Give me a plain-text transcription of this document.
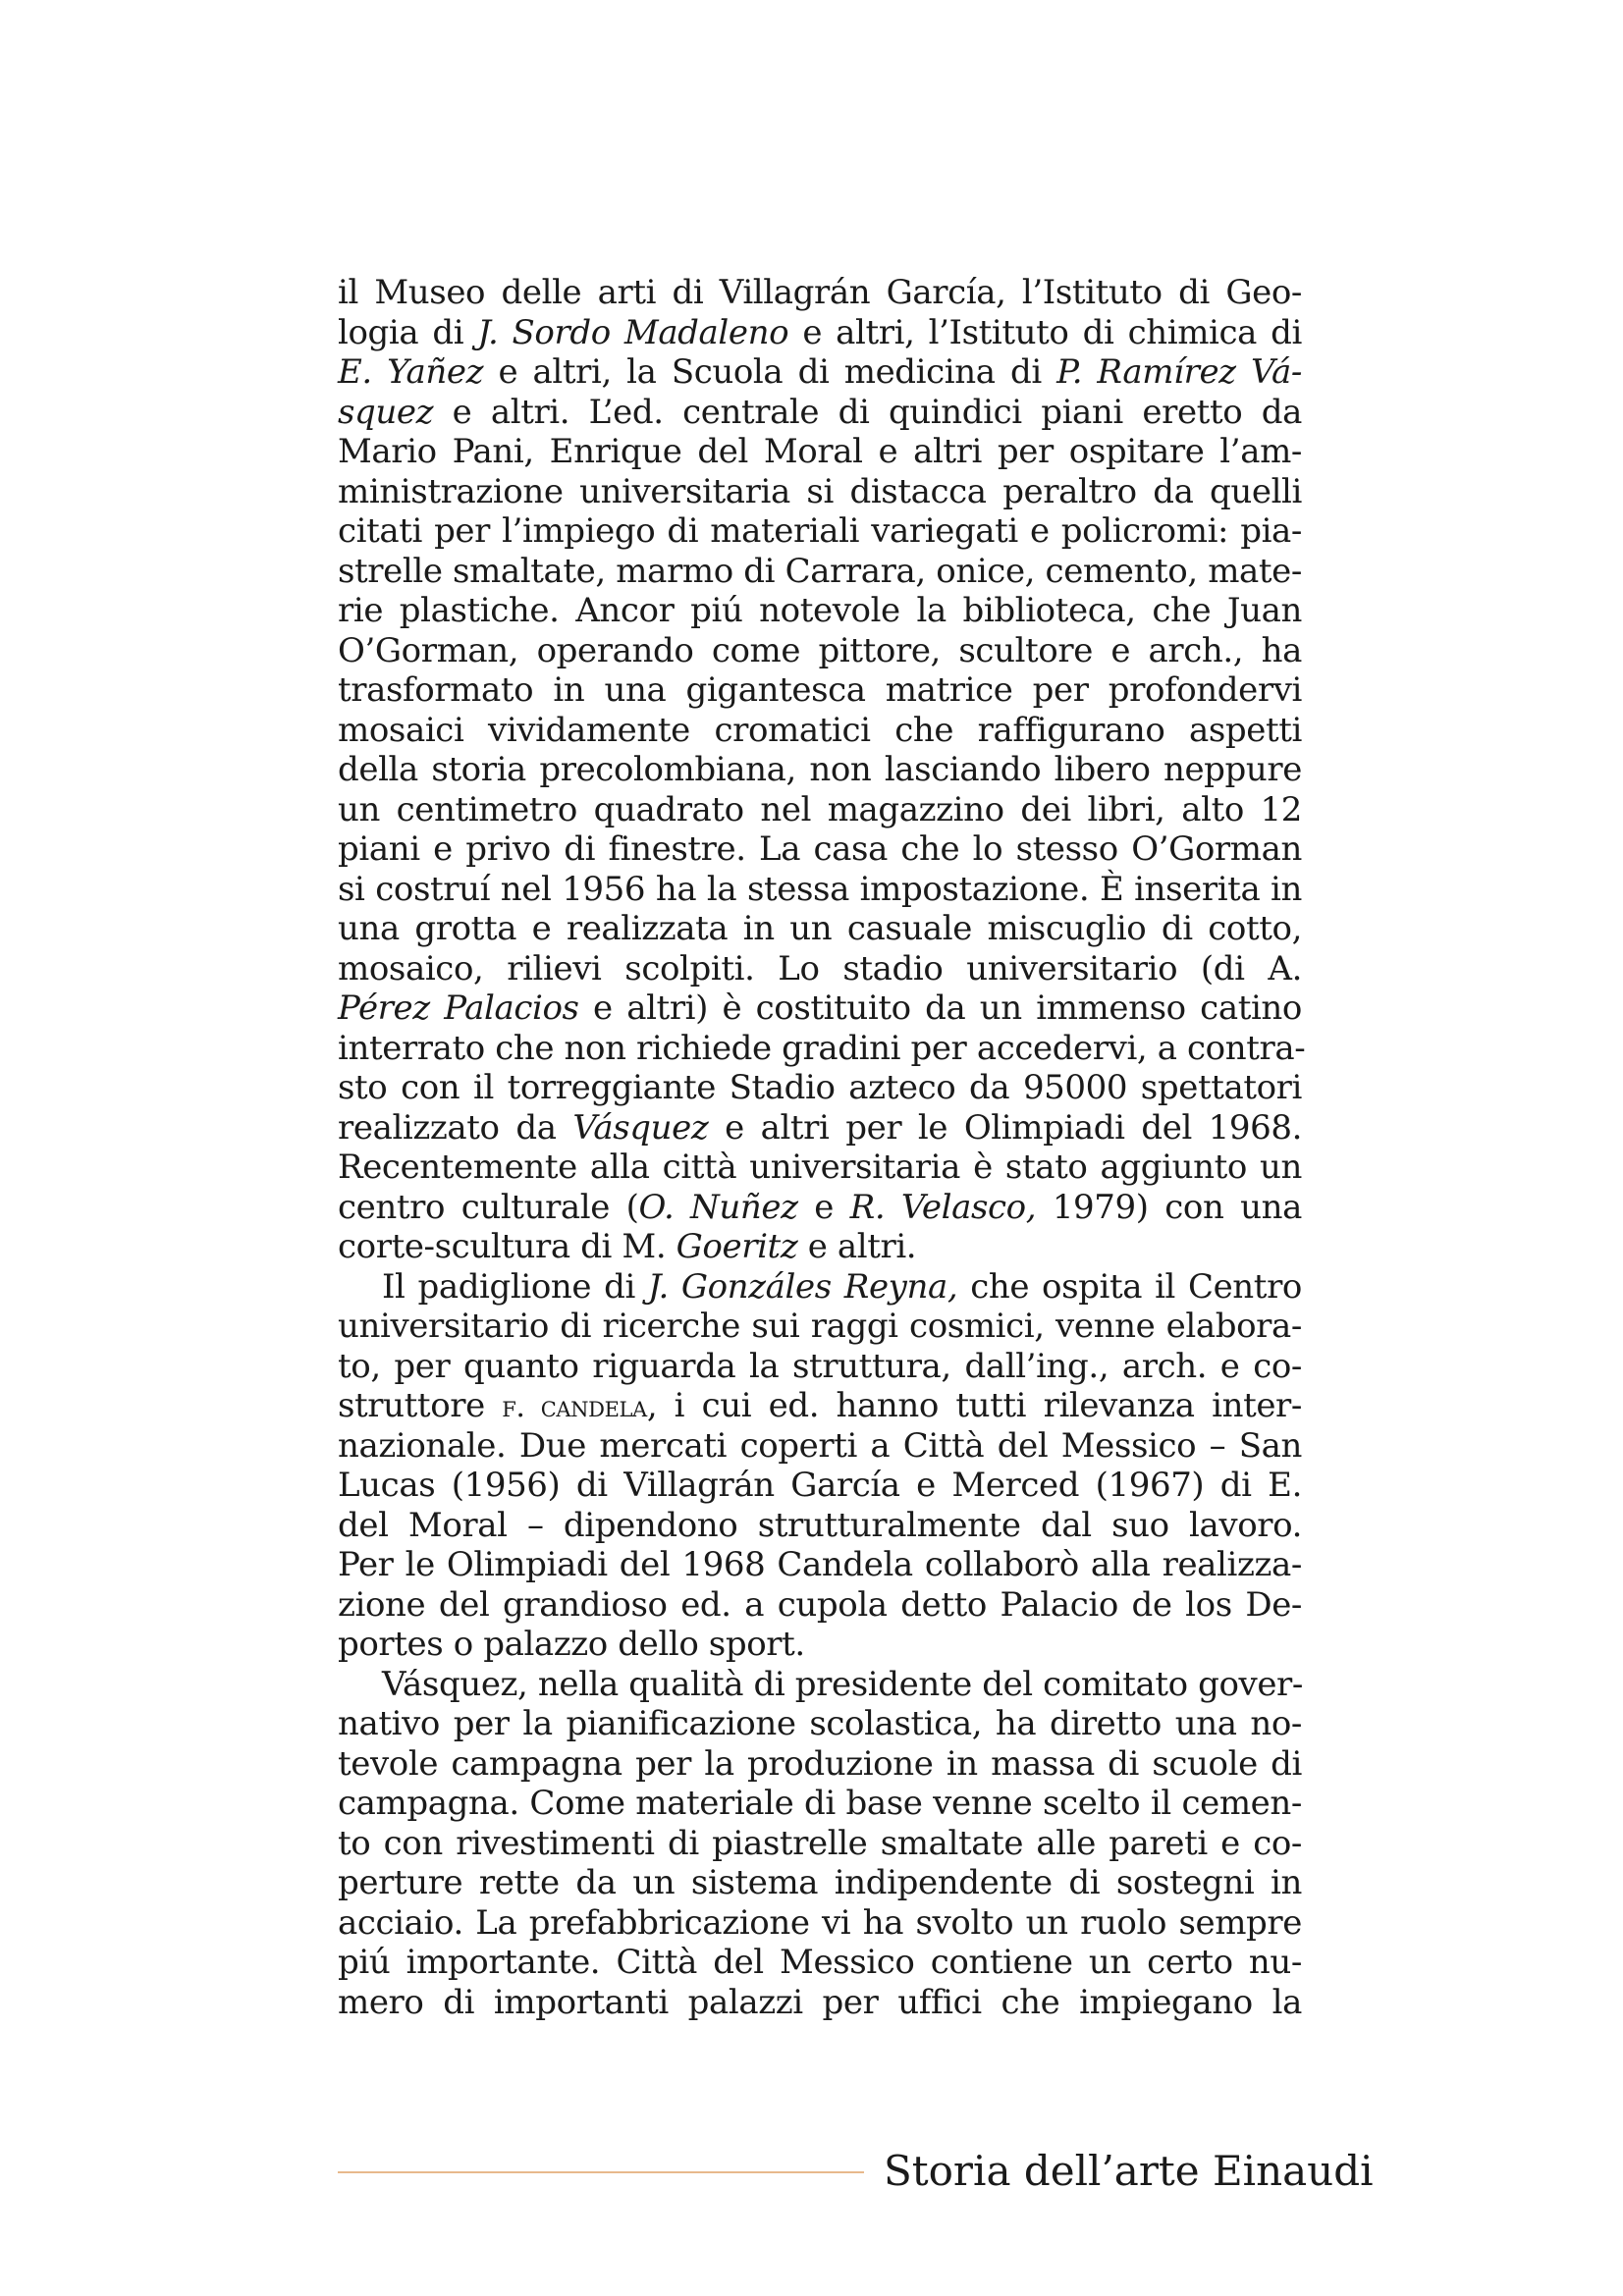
il Museo delle arti di Villagrán García, l’Istituto di Geo-
logia di J. Sordo Madaleno e altri, l’Istituto di chimica di
E. Yañez e altri, la Scuola di medicina di P. Ramírez Vá-
squez e altri. L’ed. centrale di quindici piani eretto da
Mario Pani, Enrique del Moral e altri per ospitare l’am-
ministrazione universitaria si distacca peraltro da quelli
citati per l’impiego di materiali variegati e policromi: pia-
strelle smaltate, marmo di Carrara, onice, cemento, mate-
rie plastiche. Ancor piú notevole la biblioteca, che Juan
O’Gorman, operando come pittore, scultore e arch., ha
trasformato in una gigantesca matrice per profondervi
mosaici vividamente cromatici che raffigurano aspetti
della storia precolombiana, non lasciando libero neppure
un centimetro quadrato nel magazzino dei libri, alto 12
piani e privo di finestre. La casa che lo stesso O’Gorman
si costruí nel 1956 ha la stessa impostazione. È inserita in
una grotta e realizzata in un casuale miscuglio di cotto,
mosaico, rilievi scolpiti. Lo stadio universitario (di A.
Pérez Palacios e altri) è costituito da un immenso catino
interrato che non richiede gradini per accedervi, a contra-
sto con il torreggiante Stadio azteco da 95000 spettatori
realizzato da Vásquez e altri per le Olimpiadi del 1968.
Recentemente alla città universitaria è stato aggiunto un
centro culturale (O. Nuñez e R. Velasco, 1979) con una
corte-scultura di M. Goeritz e altri.
Il padiglione di J. Gonzáles Reyna, che ospita il Centro
universitario di ricerche sui raggi cosmici, venne elabora-
to, per quanto riguarda la struttura, dall’ing., arch. e co-
struttore f. candela, i cui ed. hanno tutti rilevanza inter-
nazionale. Due mercati coperti a Città del Messico – San
Lucas (1956) di Villagrán García e Merced (1967) di E.
del Moral – dipendono strutturalmente dal suo lavoro.
Per le Olimpiadi del 1968 Candela collaborò alla realizza-
zione del grandioso ed. a cupola detto Palacio de los De-
portes o palazzo dello sport.
Vásquez, nella qualità di presidente del comitato gover-
nativo per la pianificazione scolastica, ha diretto una no-
tevole campagna per la produzione in massa di scuole di
campagna. Come materiale di base venne scelto il cemen-
to con rivestimenti di piastrelle smaltate alle pareti e co-
perture rette da un sistema indipendente di sostegni in
acciaio. La prefabbricazione vi ha svolto un ruolo sempre
piú importante. Città del Messico contiene un certo nu-
mero di importanti palazzi per uffici che impiegano la
Storia dell’arte Einaudi
